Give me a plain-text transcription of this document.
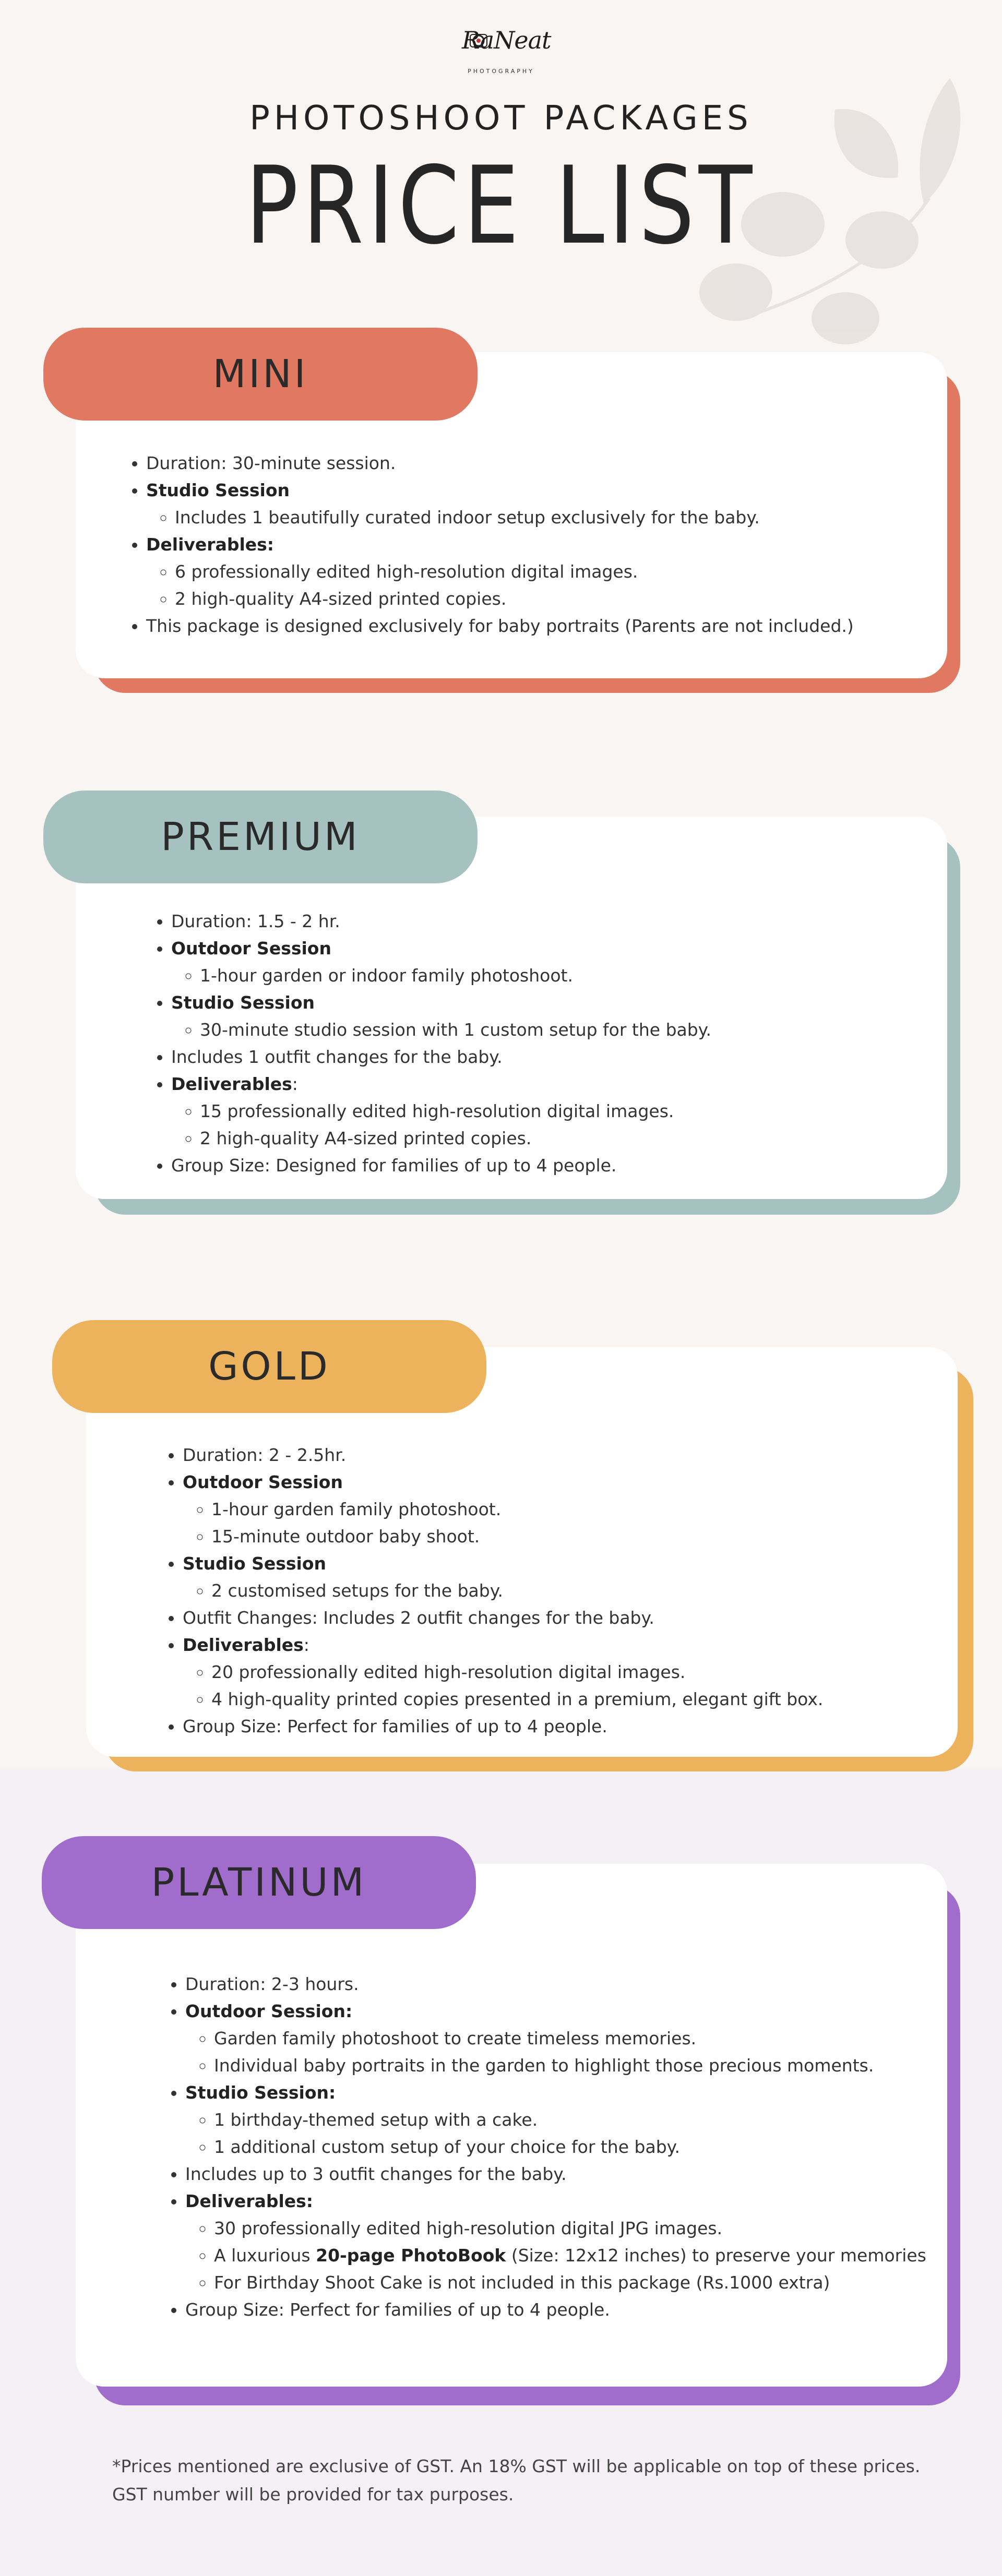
RaNeat
PHOTOGRAPHY
PHOTOSHOOT PACKAGES
PRICE LIST
MINI
• Duration: 30-minute session.
• Studio Session
◦ Includes 1 beautifully curated indoor setup exclusively for the baby.
• Deliverables:
◦ 6 professionally edited high-resolution digital images.
◦ 2 high-quality A4-sized printed copies.
• This package is designed exclusively for baby portraits (Parents are not included.)
PREMIUM
• Duration: 1.5 - 2 hr.
• Outdoor Session
◦ 1-hour garden or indoor family photoshoot.
• Studio Session
◦ 30-minute studio session with 1 custom setup for the baby.
• Includes 1 outfit changes for the baby.
• Deliverables:
◦ 15 professionally edited high-resolution digital images.
◦ 2 high-quality A4-sized printed copies.
• Group Size: Designed for families of up to 4 people.
GOLD
• Duration: 2 - 2.5hr.
• Outdoor Session
◦ 1-hour garden family photoshoot.
◦ 15-minute outdoor baby shoot.
• Studio Session
◦ 2 customised setups for the baby.
• Outfit Changes: Includes 2 outfit changes for the baby.
• Deliverables:
◦ 20 professionally edited high-resolution digital images.
◦ 4 high-quality printed copies presented in a premium, elegant gift box.
• Group Size: Perfect for families of up to 4 people.
PLATINUM
• Duration: 2-3 hours.
• Outdoor Session:
◦ Garden family photoshoot to create timeless memories.
◦ Individual baby portraits in the garden to highlight those precious moments.
• Studio Session:
◦ 1 birthday-themed setup with a cake.
◦ 1 additional custom setup of your choice for the baby.
• Includes up to 3 outfit changes for the baby.
• Deliverables:
◦ 30 professionally edited high-resolution digital JPG images.
◦ A luxurious 20-page PhotoBook (Size: 12x12 inches) to preserve your memories
◦ For Birthday Shoot Cake is not included in this package (Rs.1000 extra)
• Group Size: Perfect for families of up to 4 people.
*Prices mentioned are exclusive of GST. An 18% GST will be applicable on top of these prices. GST number will be provided for tax purposes.
